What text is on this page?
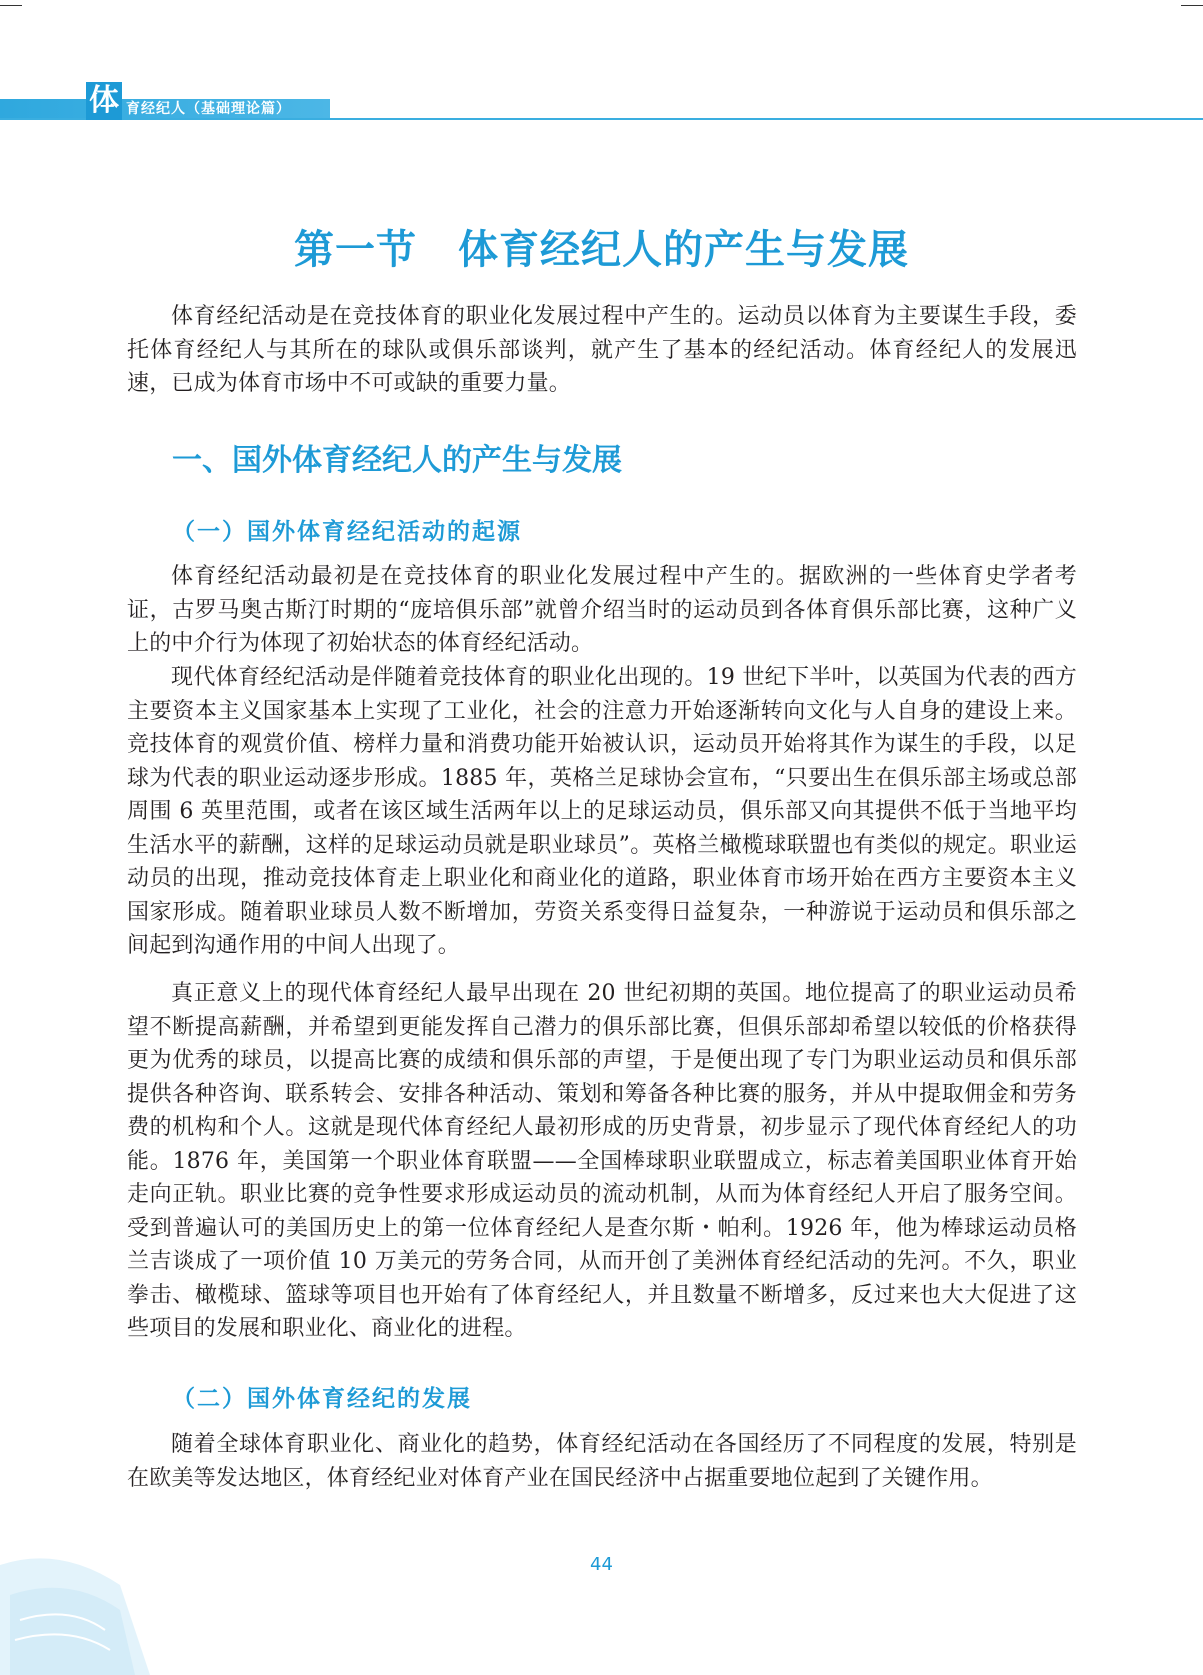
体 育经纪人（基础理论篇）
第一节　体育经纪人的产生与发展

体育经纪活动是在竞技体育的职业化发展过程中产生的。运动员以体育为主要谋生手段，委托体育经纪人与其所在的球队或俱乐部谈判，就产生了基本的经纪活动。体育经纪人的发展迅速，已成为体育市场中不可或缺的重要力量。

一、国外体育经纪人的产生与发展
（一）国外体育经纪活动的起源

体育经纪活动最初是在竞技体育的职业化发展过程中产生的。据欧洲的一些体育史学者考证，古罗马奥古斯汀时期的“庞培俱乐部”就曾介绍当时的运动员到各体育俱乐部比赛，这种广义上的中介行为体现了初始状态的体育经纪活动。

现代体育经纪活动是伴随着竞技体育的职业化出现的。19 世纪下半叶，以英国为代表的西方主要资本主义国家基本上实现了工业化，社会的注意力开始逐渐转向文化与人自身的建设上来。竞技体育的观赏价值、榜样力量和消费功能开始被认识，运动员开始将其作为谋生的手段，以足球为代表的职业运动逐步形成。1885 年，英格兰足球协会宣布，“只要出生在俱乐部主场或总部周围 6 英里范围，或者在该区域生活两年以上的足球运动员，俱乐部又向其提供不低于当地平均生活水平的薪酬，这样的足球运动员就是职业球员”。英格兰橄榄球联盟也有类似的规定。职业运动员的出现，推动竞技体育走上职业化和商业化的道路，职业体育市场开始在西方主要资本主义国家形成。随着职业球员人数不断增加，劳资关系变得日益复杂，一种游说于运动员和俱乐部之间起到沟通作用的中间人出现了。

真正意义上的现代体育经纪人最早出现在 20 世纪初期的英国。地位提高了的职业运动员希望不断提高薪酬，并希望到更能发挥自己潜力的俱乐部比赛，但俱乐部却希望以较低的价格获得更为优秀的球员，以提高比赛的成绩和俱乐部的声望，于是便出现了专门为职业运动员和俱乐部提供各种咨询、联系转会、安排各种活动、策划和筹备各种比赛的服务，并从中提取佣金和劳务费的机构和个人。这就是现代体育经纪人最初形成的历史背景，初步显示了现代体育经纪人的功能。1876 年，美国第一个职业体育联盟——全国棒球职业联盟成立，标志着美国职业体育开始走向正轨。职业比赛的竞争性要求形成运动员的流动机制，从而为体育经纪人开启了服务空间。受到普遍认可的美国历史上的第一位体育经纪人是查尔斯・帕利。1926 年，他为棒球运动员格兰吉谈成了一项价值 10 万美元的劳务合同，从而开创了美洲体育经纪活动的先河。不久，职业拳击、橄榄球、篮球等项目也开始有了体育经纪人，并且数量不断增多，反过来也大大促进了这些项目的发展和职业化、商业化的进程。

（二）国外体育经纪的发展

随着全球体育职业化、商业化的趋势，体育经纪活动在各国经历了不同程度的发展，特别是在欧美等发达地区，体育经纪业对体育产业在国民经济中占据重要地位起到了关键作用。

44
